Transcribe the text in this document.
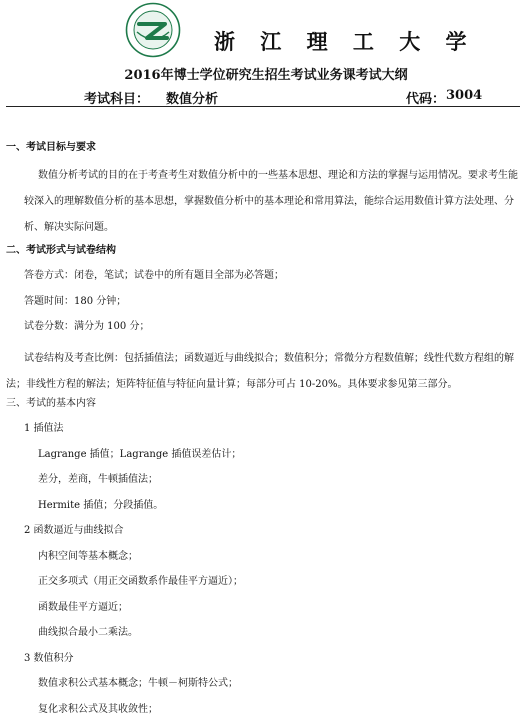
浙 江 理 工 大 学
2016年博士学位研究生招生考试业务课考试大纲
考试科目： 数值分析	代码： 3004
一、考试目标与要求
数值分析考试的目的在于考查考生对数值分析中的一些基本思想、理论和方法的掌握与运用情况。要求考生能较深入的理解数值分析的基本思想，掌握数值分析中的基本理论和常用算法，能综合运用数值计算方法处理、分析、解决实际问题。
二、考试形式与试卷结构
答卷方式：闭卷，笔试；试卷中的所有题目全部为必答题；
答题时间：180 分钟；
试卷分数：满分为 100 分；
试卷结构及考查比例：包括插值法；函数逼近与曲线拟合；数值积分；常微分方程数值解；线性代数方程组的解法；非线性方程的解法；矩阵特征值与特征向量计算；每部分可占 10-20%。具体要求参见第三部分。
三、考试的基本内容
1 插值法
Lagrange 插值；Lagrange 插值误差估计；
差分，差商，牛顿插值法；
Hermite 插值；分段插值。
2 函数逼近与曲线拟合
内积空间等基本概念；
正交多项式（用正交函数系作最佳平方逼近）；
函数最佳平方逼近；
曲线拟合最小二乘法。
3 数值积分
数值求积公式基本概念；牛顿－柯斯特公式；
复化求积公式及其收敛性；
